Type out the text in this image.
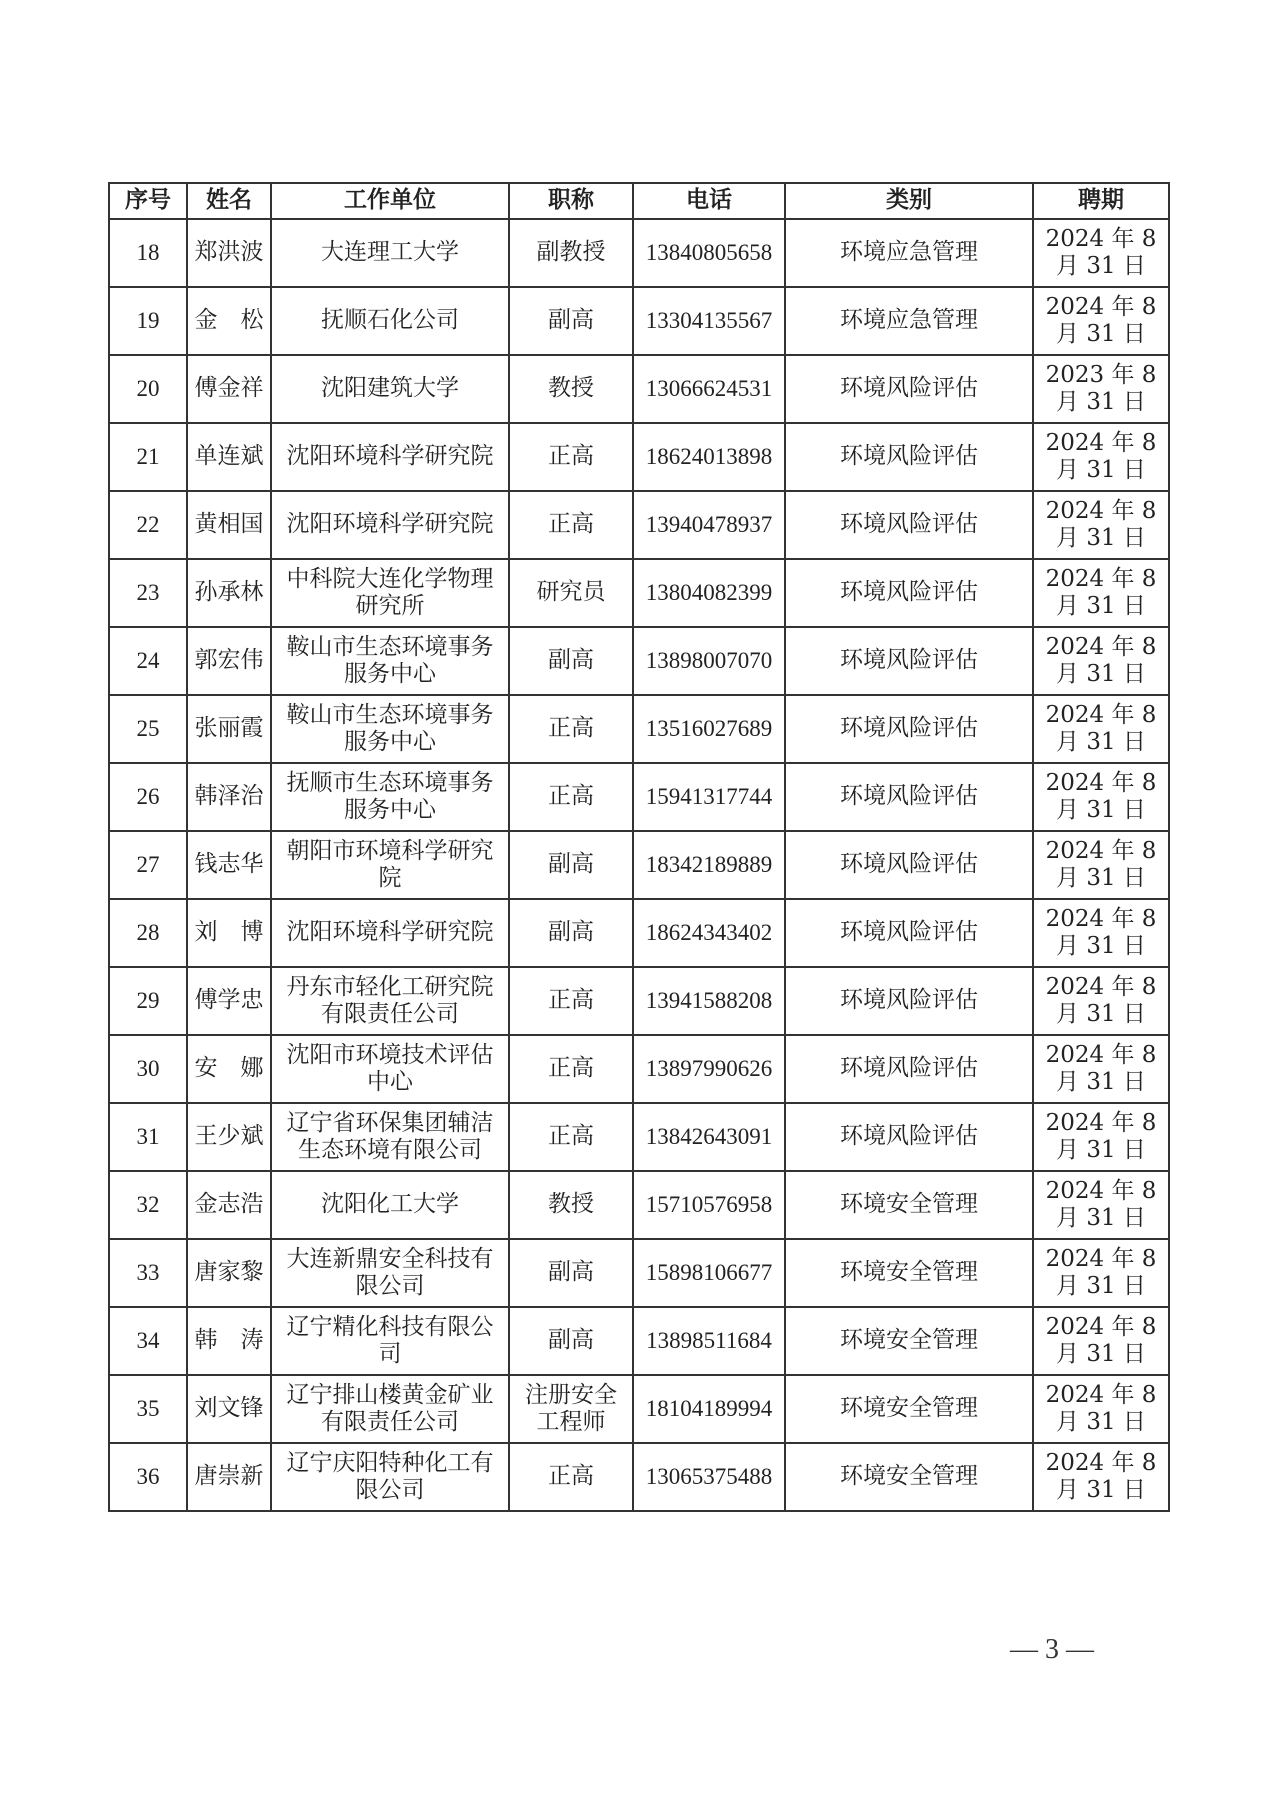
序号	姓名	工作单位	职称	电话	类别	聘期
18	郑洪波	大连理工大学	副教授	13840805658	环境应急管理	2024 年 8 月 31 日
19	金　松	抚顺石化公司	副高	13304135567	环境应急管理	2024 年 8 月 31 日
20	傅金祥	沈阳建筑大学	教授	13066624531	环境风险评估	2023 年 8 月 31 日
21	单连斌	沈阳环境科学研究院	正高	18624013898	环境风险评估	2024 年 8 月 31 日
22	黄相国	沈阳环境科学研究院	正高	13940478937	环境风险评估	2024 年 8 月 31 日
23	孙承林	中科院大连化学物理研究所	研究员	13804082399	环境风险评估	2024 年 8 月 31 日
24	郭宏伟	鞍山市生态环境事务服务中心	副高	13898007070	环境风险评估	2024 年 8 月 31 日
25	张丽霞	鞍山市生态环境事务服务中心	正高	13516027689	环境风险评估	2024 年 8 月 31 日
26	韩泽治	抚顺市生态环境事务服务中心	正高	15941317744	环境风险评估	2024 年 8 月 31 日
27	钱志华	朝阳市环境科学研究院	副高	18342189889	环境风险评估	2024 年 8 月 31 日
28	刘　博	沈阳环境科学研究院	副高	18624343402	环境风险评估	2024 年 8 月 31 日
29	傅学忠	丹东市轻化工研究院有限责任公司	正高	13941588208	环境风险评估	2024 年 8 月 31 日
30	安　娜	沈阳市环境技术评估中心	正高	13897990626	环境风险评估	2024 年 8 月 31 日
31	王少斌	辽宁省环保集团辅洁生态环境有限公司	正高	13842643091	环境风险评估	2024 年 8 月 31 日
32	金志浩	沈阳化工大学	教授	15710576958	环境安全管理	2024 年 8 月 31 日
33	唐家黎	大连新鼎安全科技有限公司	副高	15898106677	环境安全管理	2024 年 8 月 31 日
34	韩　涛	辽宁精化科技有限公司	副高	13898511684	环境安全管理	2024 年 8 月 31 日
35	刘文锋	辽宁排山楼黄金矿业有限责任公司	注册安全工程师	18104189994	环境安全管理	2024 年 8 月 31 日
36	唐崇新	辽宁庆阳特种化工有限公司	正高	13065375488	环境安全管理	2024 年 8 月 31 日
— 3 —
